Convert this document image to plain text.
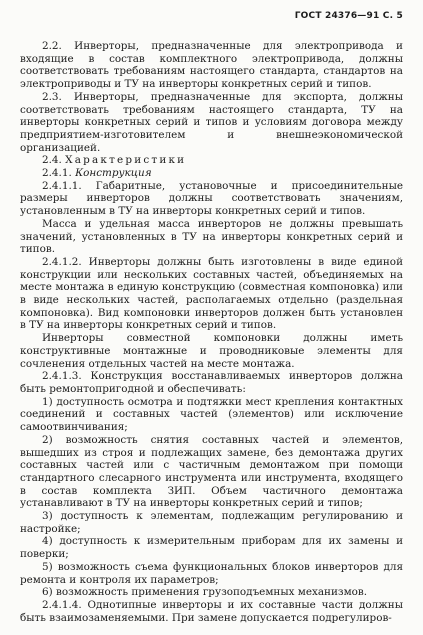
ГОСТ 24376—91 С. 5
2.2. Инверторы, предназначенные для электропривода и входящие в состав комплектного электропривода, должны соответствовать требованиям настоящего стандарта, стандартов на электроприводы и ТУ на инверторы конкретных серий и типов.
2.3. Инверторы, предназначенные для экспорта, должны соответствовать требованиям настоящего стандарта, ТУ на инверторы конкретных серий и типов и условиям договора между предприятием-изготовителем и внешнеэкономической организацией.
2.4. Характеристики
2.4.1. Конструкция
2.4.1.1. Габаритные, установочные и присоединительные размеры инверторов должны соответствовать значениям, установленным в ТУ на инверторы конкретных серий и типов.
Масса и удельная масса инверторов не должны превышать значений, установленных в ТУ на инверторы конкретных серий и типов.
2.4.1.2. Инверторы должны быть изготовлены в виде единой конструкции или нескольких составных частей, объединяемых на месте монтажа в единую конструкцию (совместная компоновка) или в виде нескольких частей, располагаемых отдельно (раздельная компоновка). Вид компоновки инверторов должен быть установлен в ТУ на инверторы конкретных серий и типов.
Инверторы совместной компоновки должны иметь конструктивные монтажные и проводниковые элементы для сочленения отдельных частей на месте монтажа.
2.4.1.3. Конструкция восстанавливаемых инверторов должна быть ремонтопригодной и обеспечивать:
1) доступность осмотра и подтяжки мест крепления контактных соединений и составных частей (элементов) или исключение самоотвинчивания;
2) возможность снятия составных частей и элементов, вышедших из строя и подлежащих замене, без демонтажа других составных частей или с частичным демонтажом при помощи стандартного слесарного инструмента или инструмента, входящего в состав комплекта ЗИП. Объем частичного демонтажа устанавливают в ТУ на инверторы конкретных серий и типов;
3) доступность к элементам, подлежащим регулированию и настройке;
4) доступность к измерительным приборам для их замены и поверки;
5) возможность съема функциональных блоков инверторов для ремонта и контроля их параметров;
6) возможность применения грузоподъемных механизмов.
2.4.1.4. Однотипные инверторы и их составные части должны быть взаимозаменяемыми. При замене допускается подрегулиров-
